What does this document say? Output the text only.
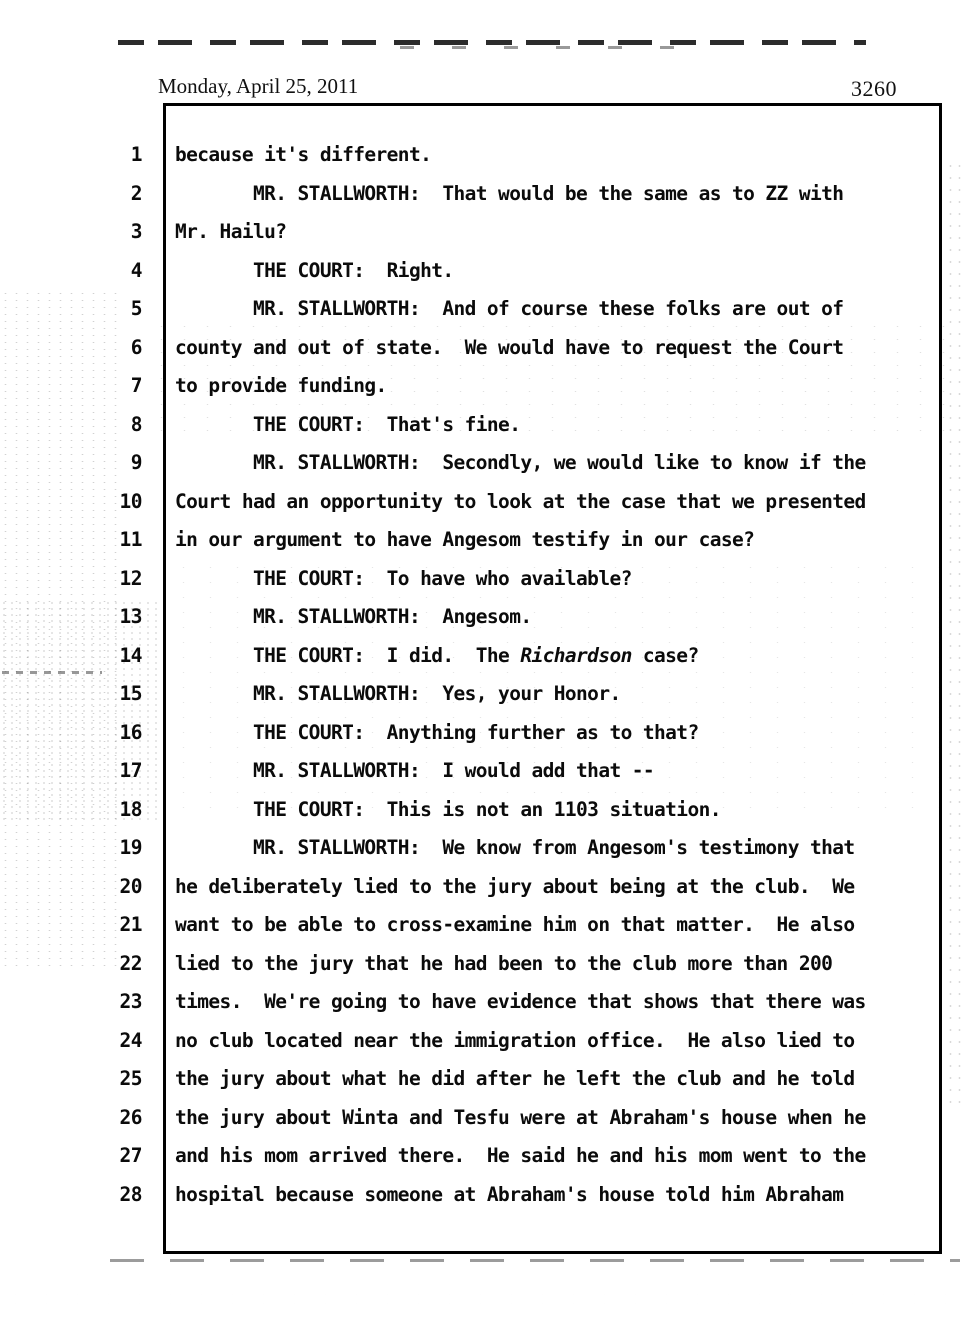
Monday, April 25, 2011	3260
1	because it's different.
2	MR. STALLWORTH:  That would be the same as to ZZ with
3	Mr. Hailu?
4	THE COURT:  Right.
5	MR. STALLWORTH:  And of course these folks are out of
6	county and out of state.  We would have to request the Court
7	to provide funding.
8	THE COURT:  That's fine.
9	MR. STALLWORTH:  Secondly, we would like to know if the
10	Court had an opportunity to look at the case that we presented
11	in our argument to have Angesom testify in our case?
12	THE COURT:  To have who available?
13	MR. STALLWORTH:  Angesom.
14	THE COURT:  I did.  The Richardson case?
15	MR. STALLWORTH:  Yes, your Honor.
16	THE COURT:  Anything further as to that?
17	MR. STALLWORTH:  I would add that --
18	THE COURT:  This is not an 1103 situation.
19	MR. STALLWORTH:  We know from Angesom's testimony that
20	he deliberately lied to the jury about being at the club.  We
21	want to be able to cross-examine him on that matter.  He also
22	lied to the jury that he had been to the club more than 200
23	times.  We're going to have evidence that shows that there was
24	no club located near the immigration office.  He also lied to
25	the jury about what he did after he left the club and he told
26	the jury about Winta and Tesfu were at Abraham's house when he
27	and his mom arrived there.  He said he and his mom went to the
28	hospital because someone at Abraham's house told him Abraham
